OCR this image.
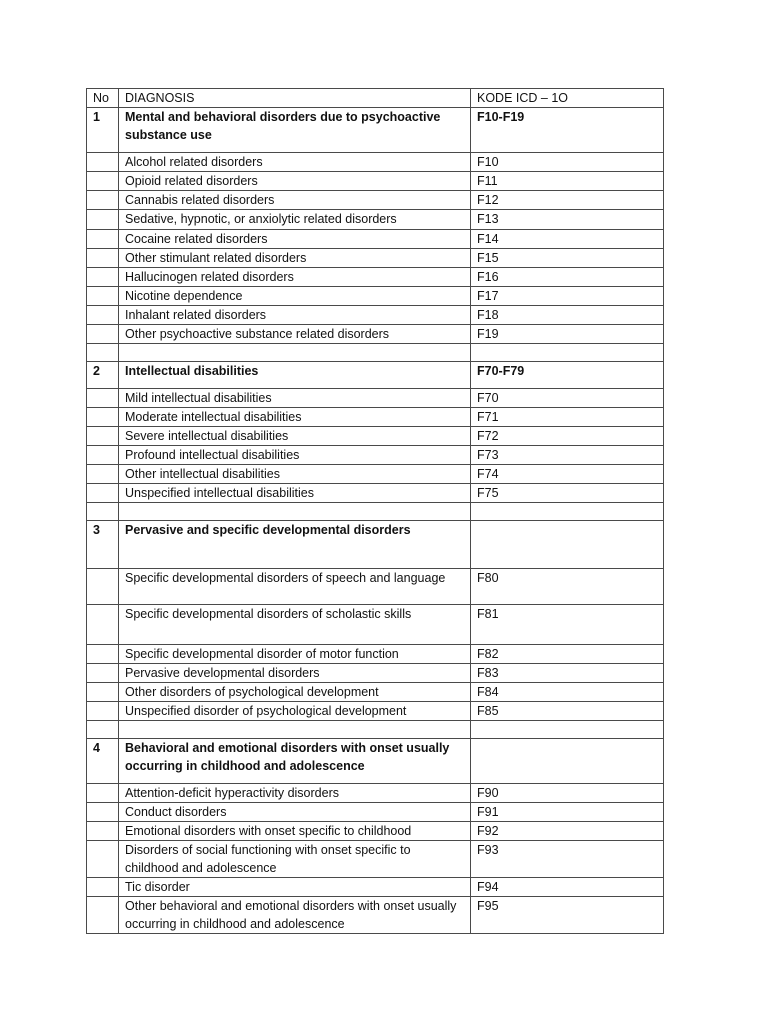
No	DIAGNOSIS	KODE ICD – 1O
1	Mental and behavioral disorders due to psychoactive substance use	F10-F19
	Alcohol related disorders	F10
	Opioid related disorders	F11
	Cannabis related disorders	F12
	Sedative, hypnotic, or anxiolytic related disorders	F13
	Cocaine related disorders	F14
	Other stimulant related disorders	F15
	Hallucinogen related disorders	F16
	Nicotine dependence	F17
	Inhalant related disorders	F18
	Other psychoactive substance related disorders	F19

2	Intellectual disabilities	F70-F79
	Mild intellectual disabilities	F70
	Moderate intellectual disabilities	F71
	Severe intellectual disabilities	F72
	Profound intellectual disabilities	F73
	Other intellectual disabilities	F74
	Unspecified intellectual disabilities	F75

3	Pervasive and specific developmental disorders	
	Specific developmental disorders of speech and language	F80
	Specific developmental disorders of scholastic skills	F81
	Specific developmental disorder of motor function	F82
	Pervasive developmental disorders	F83
	Other disorders of psychological development	F84
	Unspecified disorder of psychological development	F85

4	Behavioral and emotional disorders with onset usually occurring in childhood and adolescence	
	Attention-deficit hyperactivity disorders	F90
	Conduct disorders	F91
	Emotional disorders with onset specific to childhood	F92
	Disorders of social functioning with onset specific to childhood and adolescence	F93
	Tic disorder	F94
	Other behavioral and emotional disorders with onset usually occurring in childhood and adolescence	F95
